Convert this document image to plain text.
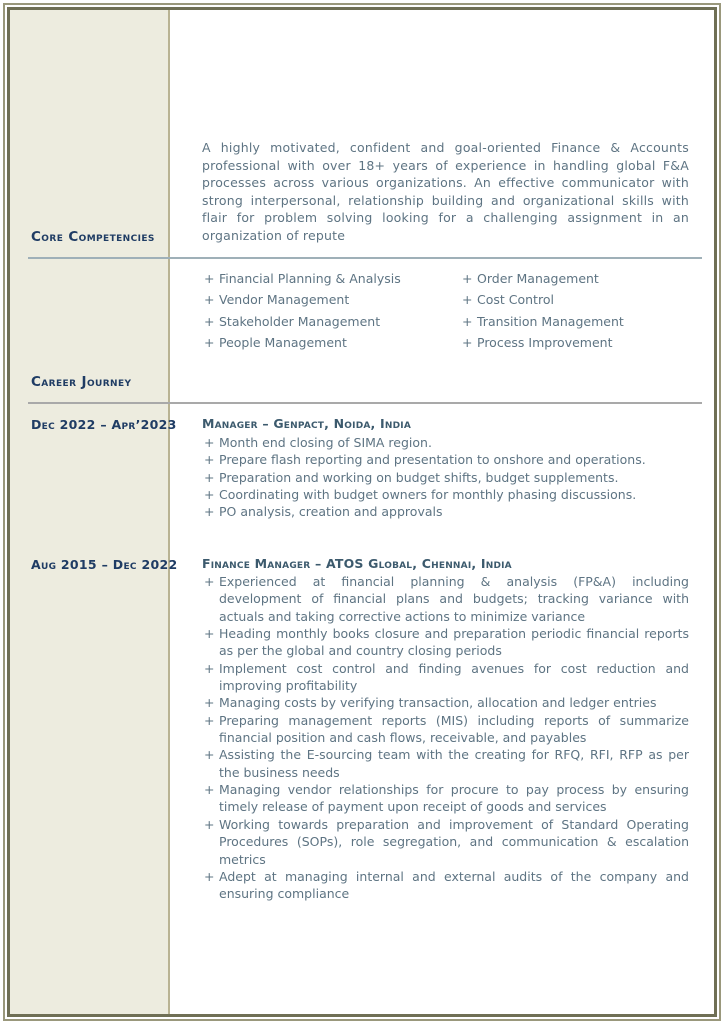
A highly motivated, confident and goal-oriented Finance & Accounts professional with over 18+ years of experience in handling global F&A processes across various organizations. An effective communicator with strong interpersonal, relationship building and organizational skills with flair for problem solving looking for a challenging assignment in an organization of repute

Core Competencies
+ Financial Planning & Analysis
+ Vendor Management
+ Stakeholder Management
+ People Management
+ Order Management
+ Cost Control
+ Transition Management
+ Process Improvement
Career Journey

Dec 2022 – Apr’2023 Manager – Genpact, Noida, India

+ Month end closing of SIMA region.
+ Prepare flash reporting and presentation to onshore and operations.
+ Preparation and working on budget shifts, budget supplements.
+ Coordinating with budget owners for monthly phasing discussions.
+ PO analysis, creation and approvals

Aug 2015 – Dec 2022 Finance Manager – ATOS Global, Chennai, India

+ Experienced at financial planning & analysis (FP&A) including development of financial plans and budgets; tracking variance with actuals and taking corrective actions to minimize variance
+ Heading monthly books closure and preparation periodic financial reports as per the global and country closing periods
+ Implement cost control and finding avenues for cost reduction and improving profitability
+ Managing costs by verifying transaction, allocation and ledger entries
+ Preparing management reports (MIS) including reports of summarize financial position and cash flows, receivable, and payables
+ Assisting the E-sourcing team with the creating for RFQ, RFI, RFP as per the business needs
+ Managing vendor relationships for procure to pay process by ensuring timely release of payment upon receipt of goods and services
+ Working towards preparation and improvement of Standard Operating Procedures (SOPs), role segregation, and communication & escalation metrics
+ Adept at managing internal and external audits of the company and ensuring compliance
